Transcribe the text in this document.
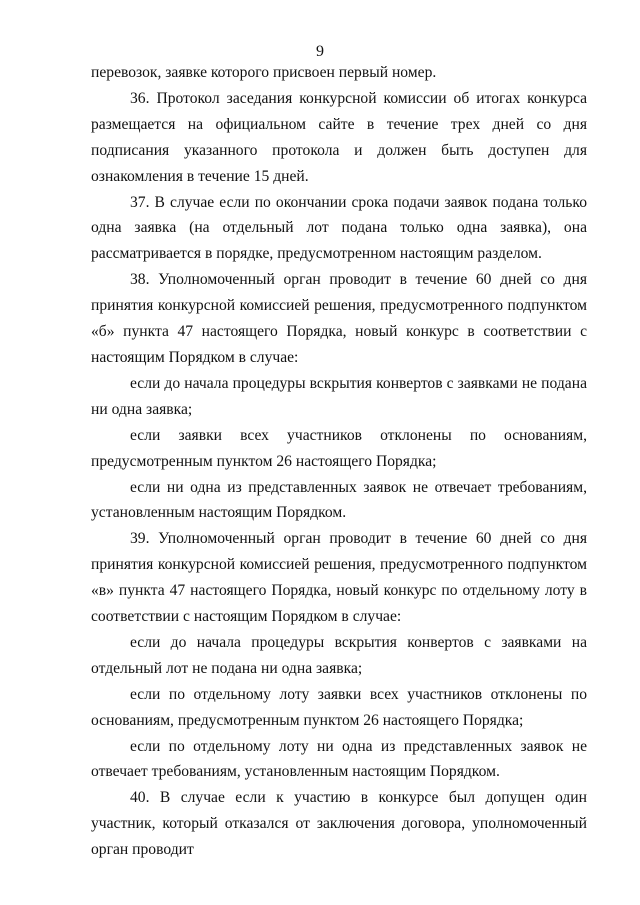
9

перевозок, заявке которого присвоен первый номер.

36. Протокол заседания конкурсной комиссии об итогах конкурса размещается на официальном сайте в течение трех дней со дня подписания указанного протокола и должен быть доступен для ознакомления в течение 15 дней.

37. В случае если по окончании срока подачи заявок подана только одна заявка (на отдельный лот подана только одна заявка), она рассматривается в порядке, предусмотренном настоящим разделом.

38. Уполномоченный орган проводит в течение 60 дней со дня принятия конкурсной комиссией решения, предусмотренного подпунктом «б» пункта 47 настоящего Порядка, новый конкурс в соответствии с настоящим Порядком в случае:

если до начала процедуры вскрытия конвертов с заявками не подана ни одна заявка;

если заявки всех участников отклонены по основаниям, предусмотренным пунктом 26 настоящего Порядка;

если ни одна из представленных заявок не отвечает требованиям, установленным настоящим Порядком.

39. Уполномоченный орган проводит в течение 60 дней со дня принятия конкурсной комиссией решения, предусмотренного подпунктом «в» пункта 47 настоящего Порядка, новый конкурс по отдельному лоту в соответствии с настоящим Порядком в случае:

если до начала процедуры вскрытия конвертов с заявками на отдельный лот не подана ни одна заявка;

если по отдельному лоту заявки всех участников отклонены по основаниям, предусмотренным пунктом 26 настоящего Порядка;

если по отдельному лоту ни одна из представленных заявок не отвечает требованиям, установленным настоящим Порядком.

40. В случае если к участию в конкурсе был допущен один участник, который отказался от заключения договора, уполномоченный орган проводит
